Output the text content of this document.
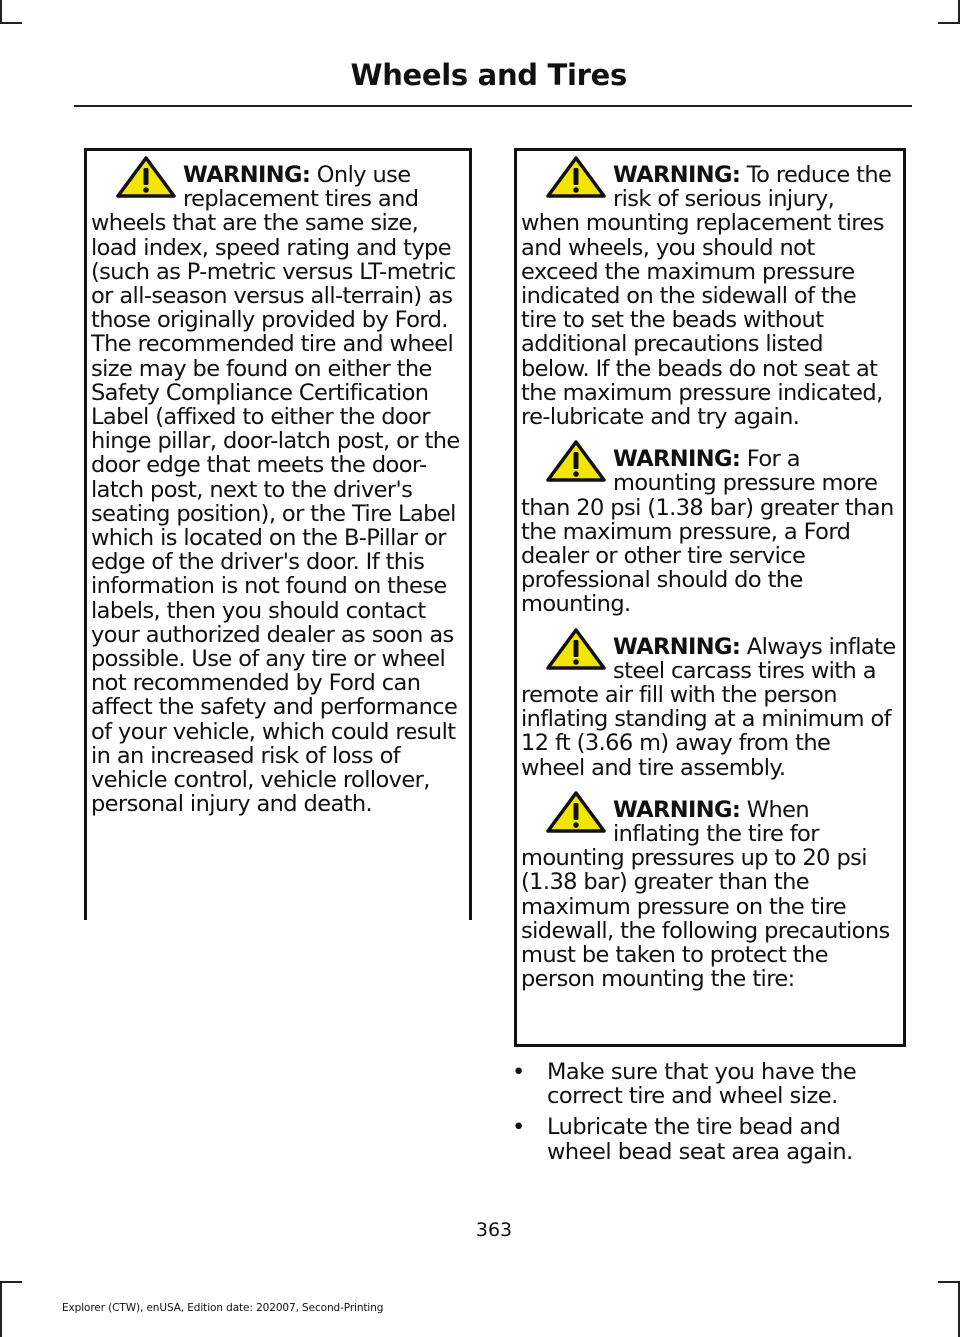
Wheels and Tires

WARNING: Only use replacement tires and wheels that are the same size, load index, speed rating and type (such as P-metric versus LT-metric or all-season versus all-terrain) as those originally provided by Ford. The recommended tire and wheel size may be found on either the Safety Compliance Certification Label (affixed to either the door hinge pillar, door-latch post, or the door edge that meets the door-latch post, next to the driver's seating position), or the Tire Label which is located on the B-Pillar or edge of the driver's door. If this information is not found on these labels, then you should contact your authorized dealer as soon as possible. Use of any tire or wheel not recommended by Ford can affect the safety and performance of your vehicle, which could result in an increased risk of loss of vehicle control, vehicle rollover, personal injury and death.

WARNING: To reduce the risk of serious injury, when mounting replacement tires and wheels, you should not exceed the maximum pressure indicated on the sidewall of the tire to set the beads without additional precautions listed below. If the beads do not seat at the maximum pressure indicated, re-lubricate and try again.

WARNING: For a mounting pressure more than 20 psi (1.38 bar) greater than the maximum pressure, a Ford dealer or other tire service professional should do the mounting.

WARNING: Always inflate steel carcass tires with a remote air fill with the person inflating standing at a minimum of 12 ft (3.66 m) away from the wheel and tire assembly.

WARNING: When inflating the tire for mounting pressures up to 20 psi (1.38 bar) greater than the maximum pressure on the tire sidewall, the following precautions must be taken to protect the person mounting the tire:

• Make sure that you have the correct tire and wheel size.
• Lubricate the tire bead and wheel bead seat area again.
363
Explorer (CTW), enUSA, Edition date: 202007, Second-Printing
